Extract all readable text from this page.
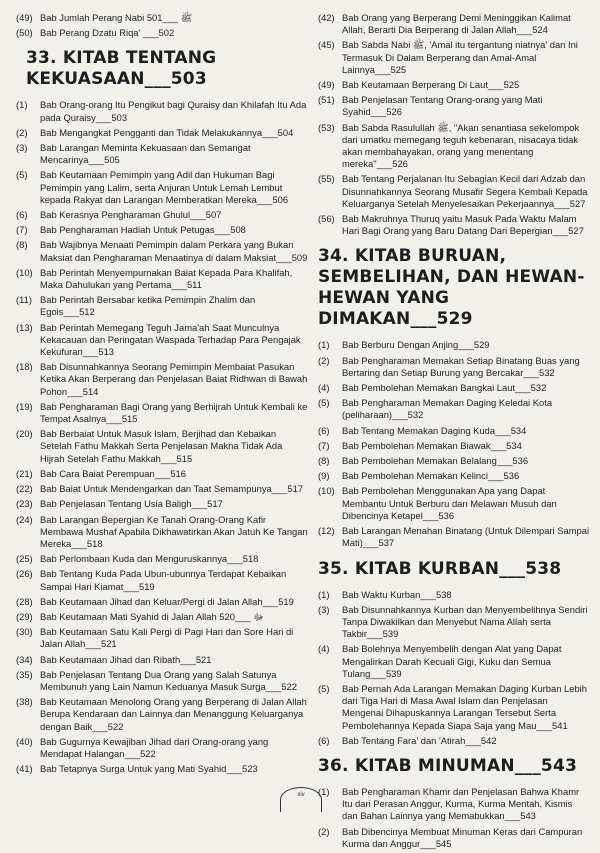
(49) Bab Jumlah Perang Nabi ﷺ ___501
(50) Bab Perang Dzatu Riqa' ___502
33. KITAB TENTANG KEKUASAAN___503
(1)	Bab Orang-orang Itu Pengikut bagi Quraisy dan Khilafah Itu Ada pada Quraisy___503
(2)	Bab Mengangkat Pengganti dan Tidak Melakukannya___504
(3)	Bab Larangan Meminta Kekuasaan dan Semangat Mencarinya___505
(5)	Bab Keutamaan Pemimpin yang Adil dan Hukuman Bagi Pemimpin yang Lalim, serta Anjuran Untuk Lemah Lembut kepada Rakyat dan Larangan Memberatkan Mereka___506
(6)	Bab Kerasnya Pengharaman Ghulul___507
(7)	Bab Pengharaman Hadiah Untuk Petugas___508
(8)	Bab Wajibnya Menaati Pemimpin dalam Perkara yang Bukan Maksiat dan Pengharaman Menaatinya di dalam Maksiat___509
(10) Bab Perintah Menyempurnakan Baiat Kepada Para Khalifah, Maka Dahulukan yang Pertama___511
(11) Bab Perintah Bersabar ketika Pemimpin Zhalim dan Egois___512
(13) Bab Perintah Memegang Teguh Jama'ah Saat Munculnya Kekacauan dan Peringatan Waspada Terhadap Para Pengajak Kekufuran___513
(18) Bab Disunnahkannya Seorang Pemimpin Membaiat Pasukan Ketika Akan Berperang dan Penjelasan Baiat Ridhwan di Bawah Pohon___514
(19) Bab Pengharaman Bagi Orang yang Berhijrah Untuk Kembali ke Tempat Asalnya___515
(20) Bab Berbaiat Untuk Masuk Islam, Berjihad dan Kebaikan Setelah Fathu Makkah Serta Penjelasan Makna Tidak Ada Hijrah Setelah Fathu Makkah___515
(21) Bab Cara Baiat Perempuan___516
(22) Bab Baiat Untuk Mendengarkan dan Taat Semampunya___517
(23) Bab Penjelasan Tentang Usia Baligh___517
(24) Bab Larangan Bepergian Ke Tanah Orang-Orang Kafir Membawa Mushaf Apabila Dikhawatirkan Akan Jatuh Ke Tangan Mereka___518
(25) Bab Perlombaan Kuda dan Menguruskannya___518
(26) Bab Tentang Kuda Pada Ubun-ubunnya Terdapat Kebaikan Sampai Hari Kiamat___519
(28) Bab Keutamaan Jihad dan Keluar/Pergi di Jalan Allah___519
(29) Bab Keutamaan Mati Syahid di Jalan Allah ﷻ ___520
(30) Bab Keutamaan Satu Kali Pergi di Pagi Hari dan Sore Hari di Jalan Allah___521
(34) Bab Keutamaan Jihad dan Ribath___521
(35) Bab Penjelasan Tentang Dua Orang yang Salah Satunya Membunuh yang Lain Namun Keduanya Masuk Surga___522
(38) Bab Keutamaan Menolong Orang yang Berperang di Jalan Allah Berupa Kendaraan dan Lainnya dan Menanggung Keluarganya dengan Baik___522
(40) Bab Gugurnya Kewajiban Jihad dari Orang-orang yang Mendapat Halangan___522
(41) Bab Tetapnya Surga Untuk yang Mati Syahid___523
(42) Bab Orang yang Berperang Demi Meninggikan Kalimat Allah, Berarti Dia Berperang di Jalan Allah___524
(45) Bab Sabda Nabi ﷺ, 'Amal itu tergantung niatnya' dan Ini Termasuk Di Dalam Berperang dan Amal-Amal Lainnya___525
(49) Bab Keutamaan Berperang Di Laut___525
(51) Bab Penjelasan Tentang Orang-orang yang Mati Syahid___526
(53) Bab Sabda Rasulullah ﷺ, "Akan senantiasa sekelompok dari umatku memegang teguh kebenaran, nisacaya tidak akan membahayakan, orang yang menentang mereka"___526
(55) Bab Tentang Perjalanan Itu Sebagian Kecil dari Adzab dan Disunnahkannya Seorang Musafir Segera Kembali Kepada Keluarganya Setelah Menyelesaikan Pekerjaannya___527
(56) Bab Makruhnya Thuruq yaitu Masuk Pada Waktu Malam Hari Bagi Orang yang Baru Datang Dari Bepergian___527
34. KITAB BURUAN, SEMBELIHAN, DAN HEWAN-HEWAN YANG DIMAKAN___529
(1)	Bab Berburu Dengan Anjing___529
(2)	Bab Pengharaman Memakan Setiap Binatang Buas yang Bertaring dan Setiap Burung yang Bercakar___532
(4)	Bab Pembolehan Memakan Bangkai Laut___532
(5)	Bab Pengharaman Memakan Daging Keledai Kota (peliharaan)___532
(6)	Bab Tentang Memakan Daging Kuda___534
(7)	Bab Pembolehan Memakan Biawak___534
(8)	Bab Pembolehan Memakan Belalang___536
(9)	Bab Pembolehan Memakan Kelinci___536
(10) Bab Pembolehan Menggunakan Apa yang Dapat Membantu Untuk Berburu dan Melawan Musuh dan Dibencinya Ketapel___536
(12) Bab Larangan Menahan Binatang (Untuk Dilempari Sampai Mati)___537
35. KITAB KURBAN___538
(1)	Bab Waktu Kurban___538
(3)	Bab Disunnahkannya Kurban dan Menyembelihnya Sendiri Tanpa Diwakilkan dan Menyebut Nama Allah serta Takbir___539
(4)	Bab Bolehnya Menyembelih dengan Alat yang Dapat Mengalirkan Darah Kecuali Gigi, Kuku dan Semua Tulang___539
(5)	Bab Pernah Ada Larangan Memakan Daging Kurban Lebih dari Tiga Hari di Masa Awal Islam dan Penjelasan Mengenai Dihapuskannya Larangan Tersebut Serta Pembolehannya Kepada Siapa Saja yang Mau___541
(6)	Bab Tentang Fara' dan 'Atirah___542
36. KITAB MINUMAN___543
(1)	Bab Pengharaman Khamr dan Penjelasan Bahwa Khamr Itu dari Perasan Anggur, Kurma, Kurma Mentah, Kismis dan Bahan Lainnya yang Memabukkan___543
(2)	Bab Dibencinya Membuat Minuman Keras dari Campuran Kurma dan Anggur___545
xiv
